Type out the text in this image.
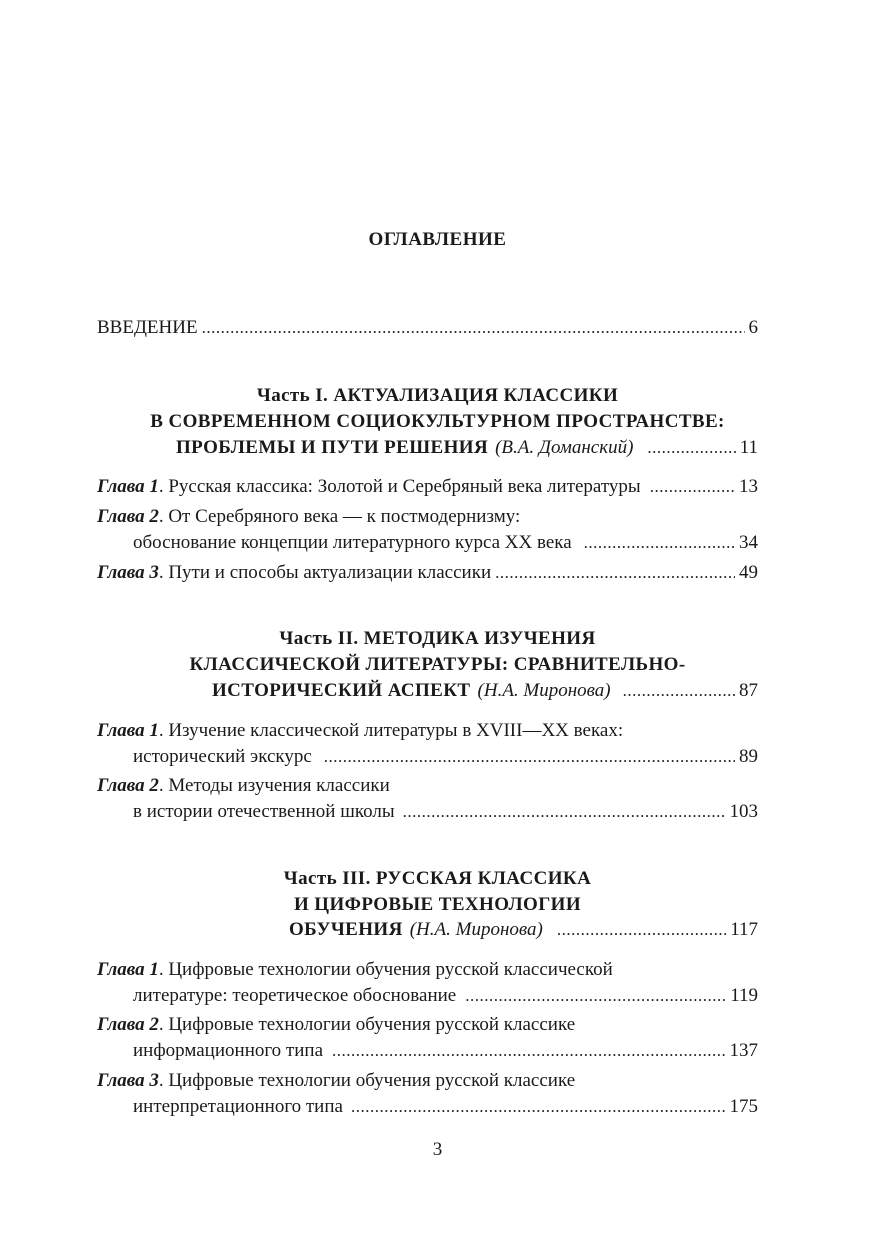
ОГЛАВЛЕНИЕ
ВВЕДЕНИЕ .....	6
Часть I. АКТУАЛИЗАЦИЯ КЛАССИКИ
В СОВРЕМЕННОМ СОЦИОКУЛЬТУРНОМ ПРОСТРАНСТВЕ:
ПРОБЛЕМЫ И ПУТИ РЕШЕНИЯ (В.А. Доманский) .....	11
Глава 1. Русская классика: Золотой и Серебряный века литературы .....	13
Глава 2. От Серебряного века — к постмодернизму:
обоснование концепции литературного курса XX века .....	34
Глава 3. Пути и способы актуализации классики .....	49
Часть II. МЕТОДИКА ИЗУЧЕНИЯ
КЛАССИЧЕСКОЙ ЛИТЕРАТУРЫ: СРАВНИТЕЛЬНО-
ИСТОРИЧЕСКИЙ АСПЕКТ (Н.А. Миронова) .....	87
Глава 1. Изучение классической литературы в XVIII—XX веках:
исторический экскурс .....	89
Глава 2. Методы изучения классики
в истории отечественной школы .....	103
Часть III. РУССКАЯ КЛАССИКА
И ЦИФРОВЫЕ ТЕХНОЛОГИИ
ОБУЧЕНИЯ (Н.А. Миронова) .....	117
Глава 1. Цифровые технологии обучения русской классической
литературе: теоретическое обоснование .....	119
Глава 2. Цифровые технологии обучения русской классике
информационного типа .....	137
Глава 3. Цифровые технологии обучения русской классике
интерпретационного типа .....	175
3
